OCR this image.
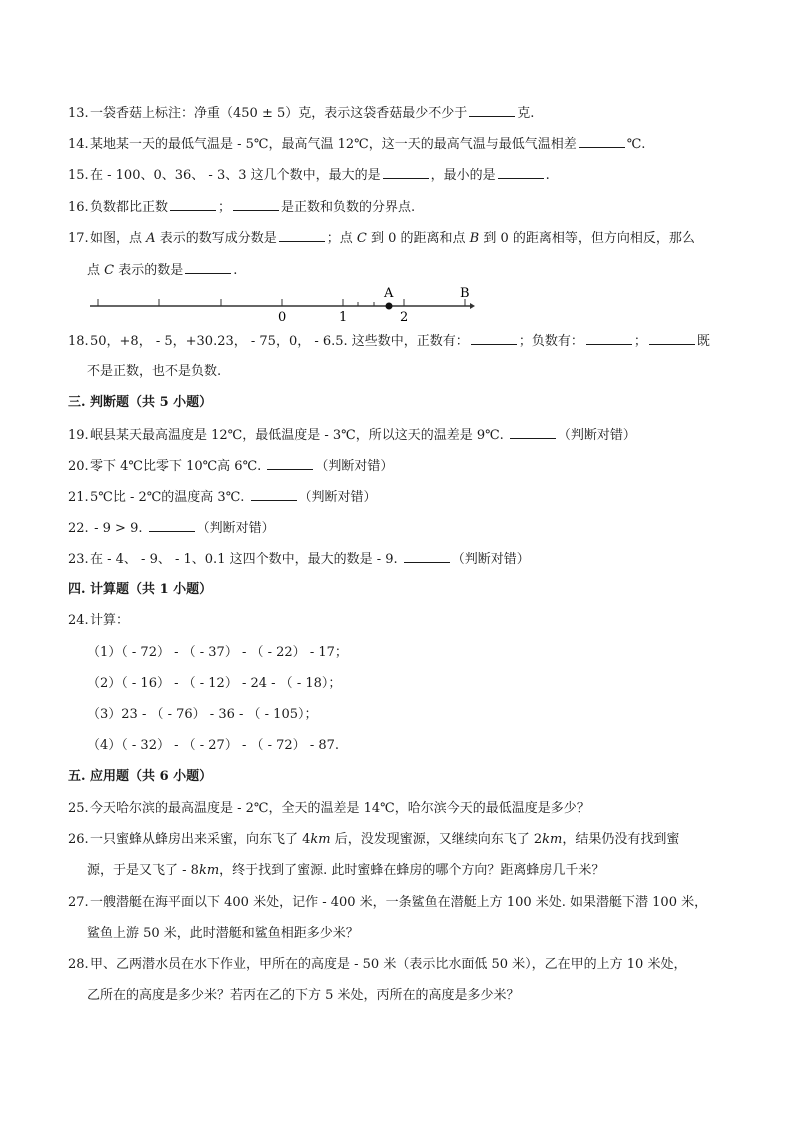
13.一袋香菇上标注：净重（450 ± 5）克，表示这袋香菇最少不少于	克.
14.某地某一天的最低气温是 - 5℃，最高气温 12℃，这一天的最高气温与最低气温相差	℃.
15.在 - 100、0、36、 - 3、3 这几个数中，最大的是	，最小的是	.
16.负数都比正数	；	是正数和负数的分界点.
17.如图，点 A 表示的数写成分数是	；点 C 到 0 的距离和点 B 到 0 的距离相等，但方向相反，那么
点 C 表示的数是	.
0	1	2
A	B
18.50，+8， - 5，+30.23， - 75，0， - 6.5. 这些数中，正数有：	；负数有：	；	既
不是正数，也不是负数.
三. 判断题（共 5 小题）
19.岷县某天最高温度是 12℃，最低温度是 - 3℃，所以这天的温差是 9℃.	（判断对错）
20.零下 4℃比零下 10℃高 6℃.	（判断对错）
21.5℃比 - 2℃的温度高 3℃.	（判断对错）
22. - 9 > 9.	（判断对错）
23.在 - 4、 - 9、 - 1、0.1 这四个数中，最大的数是 - 9.	（判断对错）
四. 计算题（共 1 小题）
24.计算：
（1）（ - 72） - （ - 37） - （ - 22） - 17；
（2）（ - 16） - （ - 12） - 24 - （ - 18）；
（3）23 - （ - 76） - 36 - （ - 105）；
（4）（ - 32） - （ - 27） - （ - 72） - 87.
五. 应用题（共 6 小题）
25.今天哈尔滨的最高温度是 - 2℃，全天的温差是 14℃，哈尔滨今天的最低温度是多少？
26.一只蜜蜂从蜂房出来采蜜，向东飞了 4km 后，没发现蜜源，又继续向东飞了 2km，结果仍没有找到蜜
源，于是又飞了 - 8km，终于找到了蜜源. 此时蜜蜂在蜂房的哪个方向？距离蜂房几千米？
27.一艘潜艇在海平面以下 400 米处，记作 - 400 米，一条鲨鱼在潜艇上方 100 米处. 如果潜艇下潜 100 米，
鲨鱼上游 50 米，此时潜艇和鲨鱼相距多少米？
28.甲、乙两潜水员在水下作业，甲所在的高度是 - 50 米（表示比水面低 50 米），乙在甲的上方 10 米处，
乙所在的高度是多少米？若丙在乙的下方 5 米处，丙所在的高度是多少米？
